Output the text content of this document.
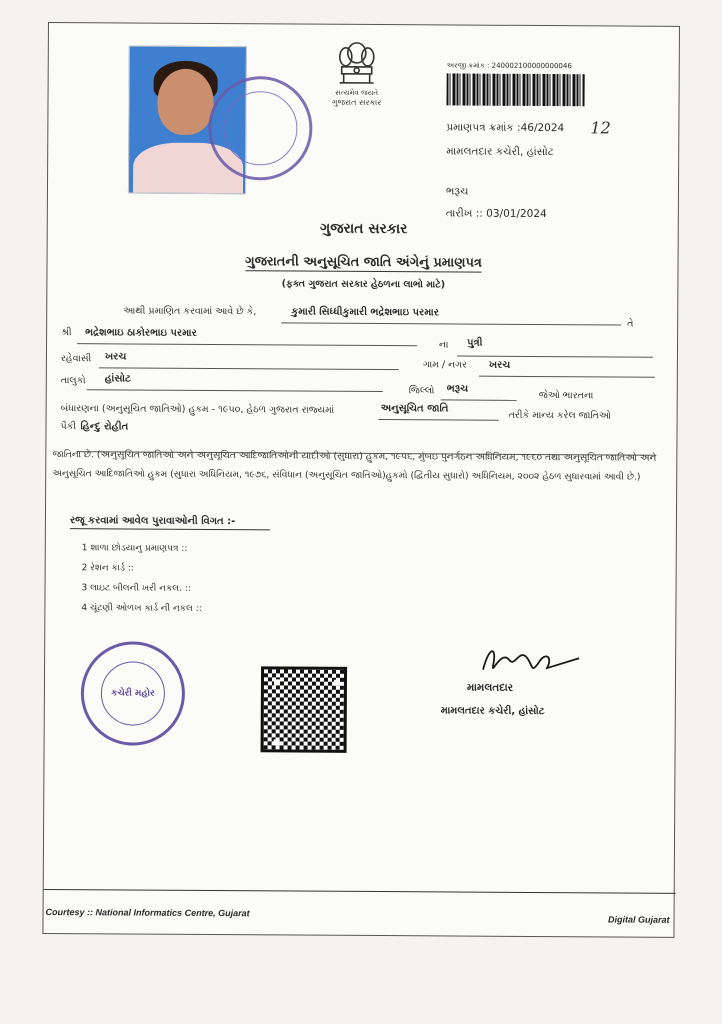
સત્યમેવ જયતે
ગુજરાત સરકાર
અરજી ક્રમાંક : 240002100000000046
પ્રમાણપત્ર ક્રમાંક :46/2024 12
મામલતદાર કચેરી, હાંસોટ
ભરૂચ
તારીખ :: 03/01/2024
ગુજરાત સરકાર
ગુજરાતની અનુસૂચિત જાતિ અંગેનું પ્રમાણપત્ર
(ફક્ત ગુજરાત સરકાર હેઠળના લાભો માટે)
આથી પ્રમાણિત કરવામાં આવે છે કે,	કુમારી સિધ્ધીકુમારી ભદ્રેશભાઇ પરમાર
તે
શ્રી ભદ્રેશભાઇ ઠાકોરભાઇ પરમાર
ના પુત્રી
રહેવાસી ખરચ
ગામ / નગર ખરચ
તાલુકો હાંસોટ
જિલ્લો ભરૂચ
જેઓ ભારતના
બંધારણના (અનુસૂચિત જાતિઓ) હુકમ - ૧૯૫૦, હેઠળ ગુજરાત રાજ્યમાં	અનુસૂચિત જાતિ
તરીકે માન્ય કરેલ જાતિઓ
પૈકી હિન્દુ રોહીત
જાતિના છે. (અનુસૂચિત જાતિઓ અને અનુસૂચિત આદિજાતિઓની યાદીઓ (સુધારા) હુકમ, ૧૯૫૬, મુંબઇ પુનર્ગઠન અધિનિયમ, ૧૯૬૦ તથા અનુસૂચિત જાતિઓ અને અનુસૂચિત આદિજાતિઓ હુકમ (સુધારા અધિનિયમ, ૧૯૭૬, સંવિધાન (અનુસૂચિત જાતિઓ)હુકમો (દ્વિતીય સુધારો) અધિનિયમ, ૨૦૦૨ હેઠળ સુધારવામાં આવી છે.)
રજૂ કરવામાં આવેલ પુરાવાઓની વિગત :-
1 શાળા છોડયાનુ પ્રમાણપત્ર ::
2 રેશન કાર્ડ ::
3 લાઇટ બીલની ખરી નકલ. ::
4 ચૂંટણી ઓળખ કાર્ડ ની નકલ ::
કચેરી મહોર	મામલતદાર
મામલતદાર કચેરી, હાંસોટ
Courtesy :: National Informatics Centre, Gujarat
Digital Gujarat
